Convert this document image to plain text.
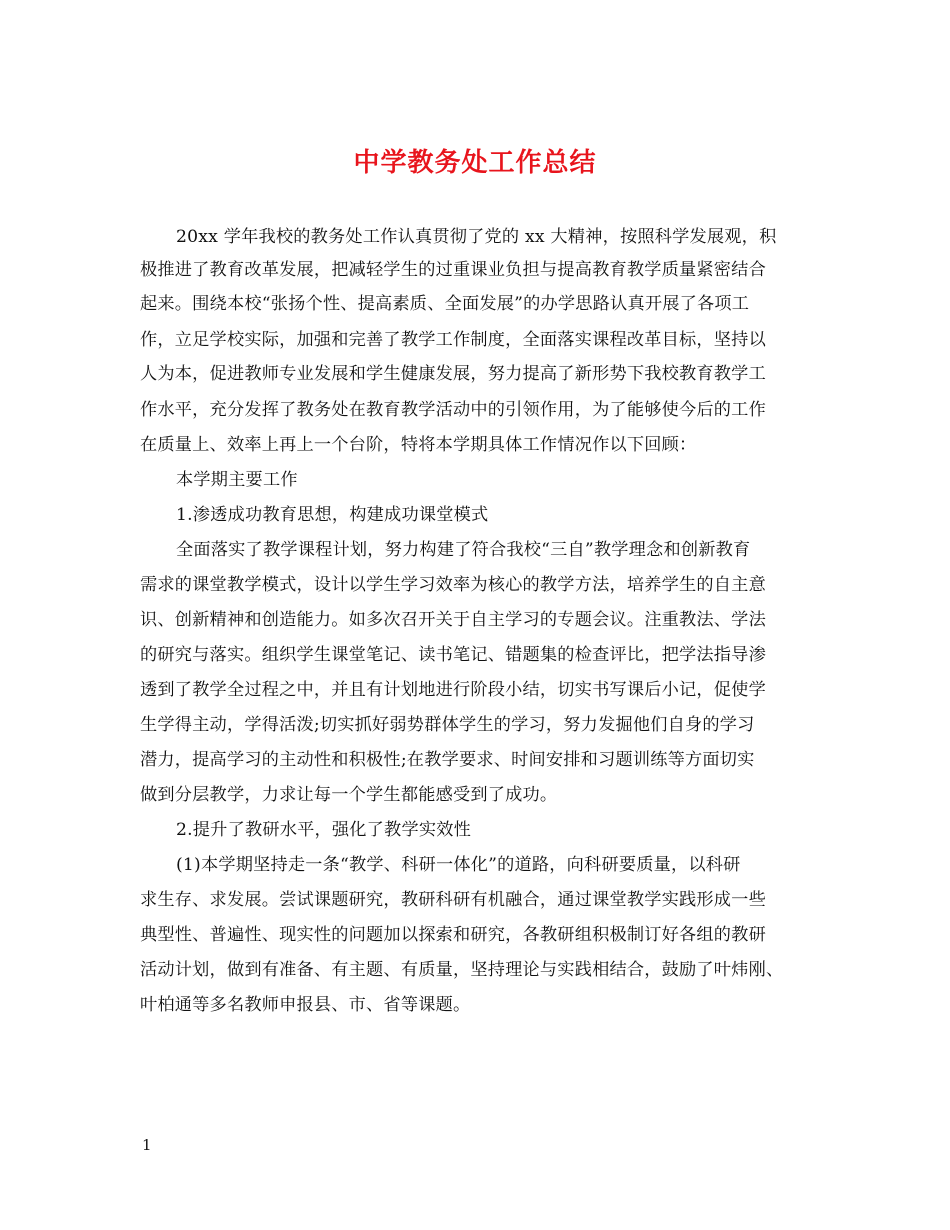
中学教务处工作总结
20xx 学年我校的教务处工作认真贯彻了党的 xx 大精神，按照科学发展观，积
极推进了教育改革发展，把减轻学生的过重课业负担与提高教育教学质量紧密结合
起来。围绕本校“张扬个性、提高素质、全面发展”的办学思路认真开展了各项工
作，立足学校实际，加强和完善了教学工作制度，全面落实课程改革目标，坚持以
人为本，促进教师专业发展和学生健康发展，努力提高了新形势下我校教育教学工
作水平，充分发挥了教务处在教育教学活动中的引领作用，为了能够使今后的工作
在质量上、效率上再上一个台阶，特将本学期具体工作情况作以下回顾：
本学期主要工作
1.渗透成功教育思想，构建成功课堂模式
全面落实了教学课程计划，努力构建了符合我校“三自”教学理念和创新教育
需求的课堂教学模式，设计以学生学习效率为核心的教学方法，培养学生的自主意
识、创新精神和创造能力。如多次召开关于自主学习的专题会议。注重教法、学法
的研究与落实。组织学生课堂笔记、读书笔记、错题集的检查评比，把学法指导渗
透到了教学全过程之中，并且有计划地进行阶段小结，切实书写课后小记，促使学
生学得主动，学得活泼;切实抓好弱势群体学生的学习，努力发掘他们自身的学习
潜力，提高学习的主动性和积极性;在教学要求、时间安排和习题训练等方面切实
做到分层教学，力求让每一个学生都能感受到了成功。
2.提升了教研水平，强化了教学实效性
(1)本学期坚持走一条“教学、科研一体化”的道路，向科研要质量，以科研
求生存、求发展。尝试课题研究，教研科研有机融合，通过课堂教学实践形成一些
典型性、普遍性、现实性的问题加以探索和研究，各教研组积极制订好各组的教研
活动计划，做到有准备、有主题、有质量，坚持理论与实践相结合，鼓励了叶炜刚、
叶柏通等多名教师申报县、市、省等课题。
1
